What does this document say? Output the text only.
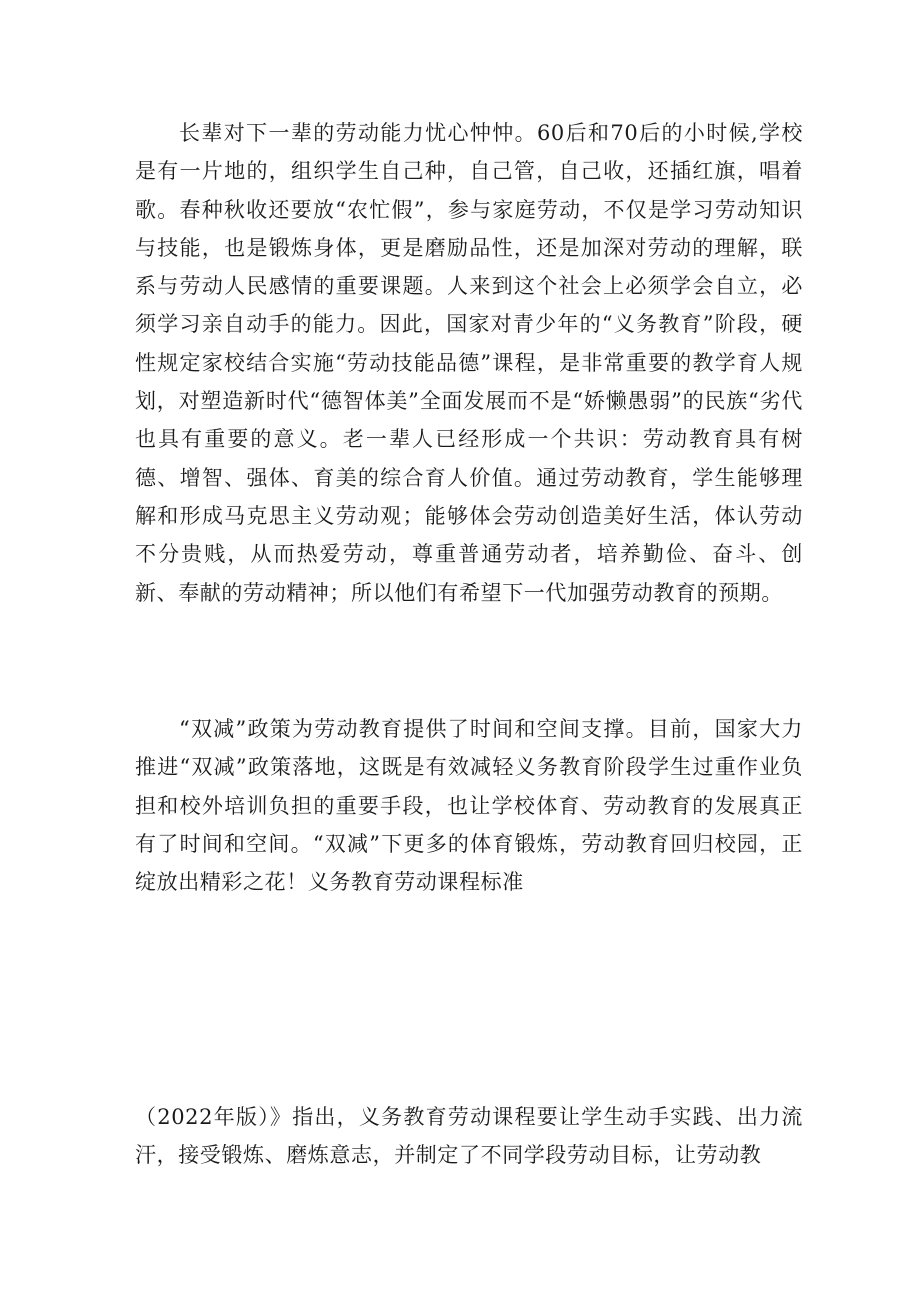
长辈对下一辈的劳动能力忧心忡忡。60后和70后的小时候,学校是有一片地的，组织学生自己种，自己管，自己收，还插红旗，唱着歌。春种秋收还要放“农忙假”，参与家庭劳动，不仅是学习劳动知识与技能，也是锻炼身体，更是磨励品性，还是加深对劳动的理解，联系与劳动人民感情的重要课题。人来到这个社会上必须学会自立，必须学习亲自动手的能力。因此，国家对青少年的“义务教育”阶段，硬性规定家校结合实施“劳动技能品德”课程，是非常重要的教学育人规划，对塑造新时代“德智体美”全面发展而不是“娇懒愚弱”的民族“劣代也具有重要的意义。老一辈人已经形成一个共识：劳动教育具有树德、增智、强体、育美的综合育人价值。通过劳动教育，学生能够理解和形成马克思主义劳动观；能够体会劳动创造美好生活，体认劳动不分贵贱，从而热爱劳动，尊重普通劳动者，培养勤俭、奋斗、创新、奉献的劳动精神；所以他们有希望下一代加强劳动教育的预期。

“双减”政策为劳动教育提供了时间和空间支撑。目前，国家大力推进“双减”政策落地，这既是有效减轻义务教育阶段学生过重作业负担和校外培训负担的重要手段，也让学校体育、劳动教育的发展真正有了时间和空间。“双减”下更多的体育锻炼，劳动教育回归校园，正绽放出精彩之花！义务教育劳动课程标准

（2022年版）》指出，义务教育劳动课程要让学生动手实践、出力流汗，接受锻炼、磨炼意志，并制定了不同学段劳动目标，让劳动教
